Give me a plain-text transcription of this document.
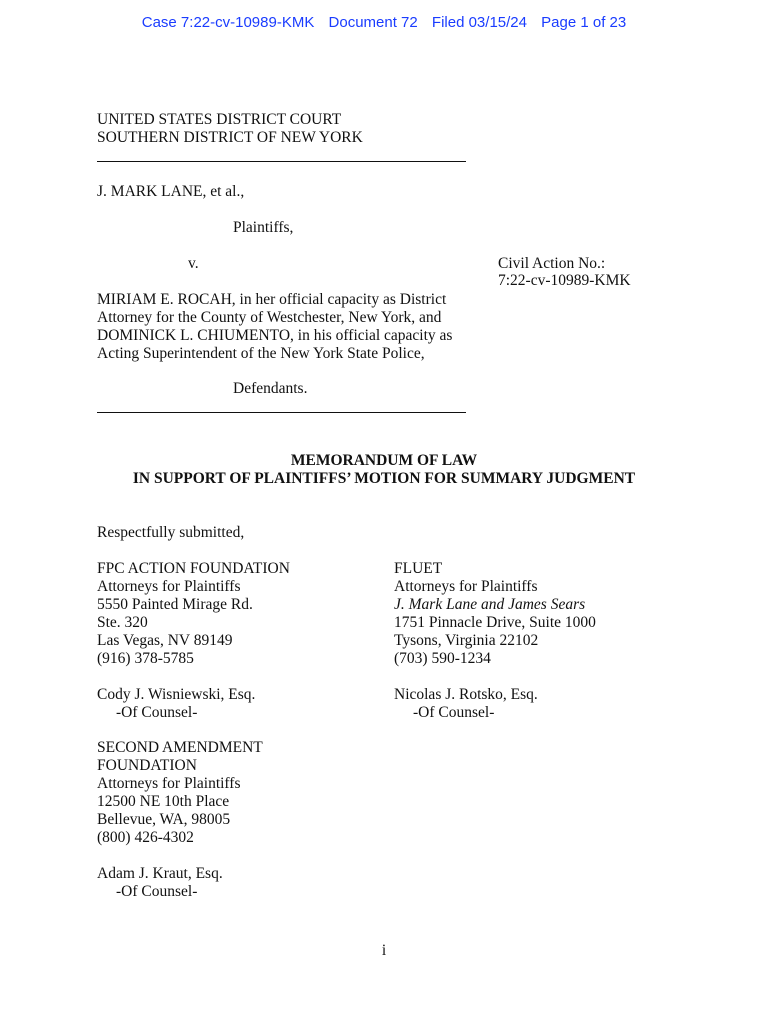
Case 7:22-cv-10989-KMK Document 72 Filed 03/15/24 Page 1 of 23
UNITED STATES DISTRICT COURT
SOUTHERN DISTRICT OF NEW YORK
J. MARK LANE, et al.,
Plaintiffs,
v.	Civil Action No.:
7:22-cv-10989-KMK
MIRIAM E. ROCAH, in her official capacity as District
Attorney for the County of Westchester, New York, and
DOMINICK L. CHIUMENTO, in his official capacity as
Acting Superintendent of the New York State Police,
Defendants.
MEMORANDUM OF LAW
IN SUPPORT OF PLAINTIFFS’ MOTION FOR SUMMARY JUDGMENT
Respectfully submitted,
FPC ACTION FOUNDATION
Attorneys for Plaintiffs
5550 Painted Mirage Rd.
Ste. 320
Las Vegas, NV 89149
(916) 378-5785
Cody J. Wisniewski, Esq.
-Of Counsel-
FLUET
Attorneys for Plaintiffs
J. Mark Lane and James Sears
1751 Pinnacle Drive, Suite 1000
Tysons, Virginia 22102
(703) 590-1234
Nicolas J. Rotsko, Esq.
-Of Counsel-
SECOND AMENDMENT
FOUNDATION
Attorneys for Plaintiffs
12500 NE 10th Place
Bellevue, WA, 98005
(800) 426-4302
Adam J. Kraut, Esq.
-Of Counsel-
i
